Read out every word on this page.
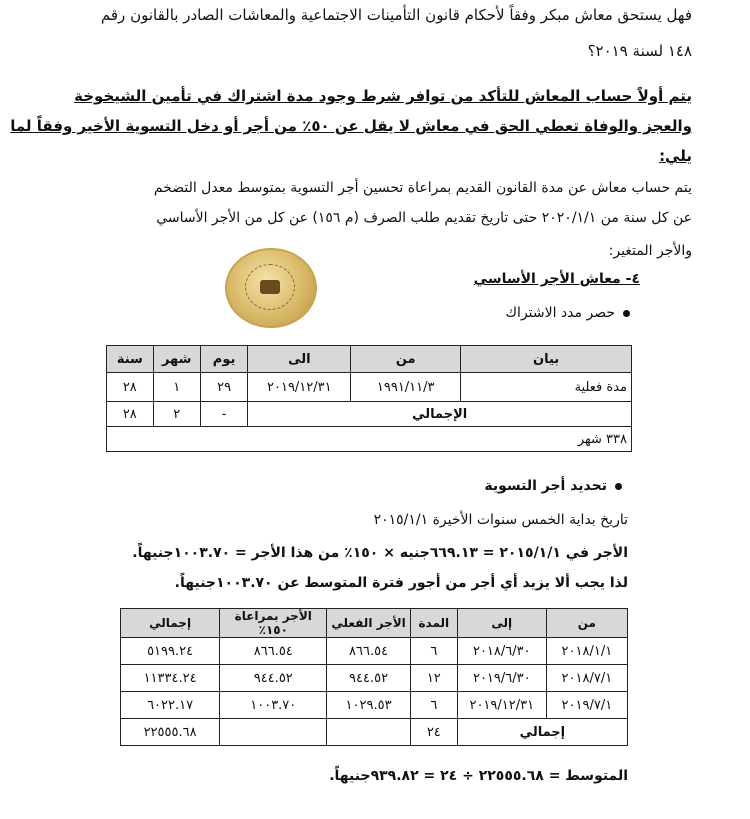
فهل يستحق معاش مبكر وفقاً لأحكام قانون التأمينات الاجتماعية والمعاشات الصادر بالقانون رقم
١٤٨ لسنة ٢٠١٩؟
يتم أولاً حساب المعاش للتأكد من توافر شرط وجود مدة اشتراك في تأمين الشيخوخة
والعجز والوفاة تعطي الحق في معاش لا يقل عن ٥٠٪ من أجر أو دخل التسوية الأخير وفقاً لما
يلي:
يتم حساب معاش عن مدة القانون القديم بمراعاة تحسين أجر التسوية بمتوسط معدل التضخم
عن كل سنة من ٢٠٢٠/١/١ حتى تاريخ تقديم طلب الصرف (م ١٥٦) عن كل من الأجر الأساسي
والأجر المتغير:
٤- معاش الأجر الأساسي
حصر مدد الاشتراك
بيان	من	الى	يوم	شهر	سنة
مدة فعلية	١٩٩١/١١/٣	٢٠١٩/١٢/٣١	٢٩	١	٢٨
الإجمالي			-	٢	٢٨
٣٣٨ شهر					
تحديد أجر التسوية
تاريخ بداية الخمس سنوات الأخيرة ٢٠١٥/١/١
الأجر في ٢٠١٥/١/١ = ٦٦٩.١٣جنيه × ١٥٠٪ من هذا الأجر = ١٠٠٣.٧٠جنيهاً.
لذا يجب ألا يزيد أي أجر من أجور فترة المتوسط عن ١٠٠٣.٧٠جنيهاً.
من	إلى	المدة	الأجر الفعلي	الأجر بمراعاة ١٥٠٪	إجمالي
٢٠١٨/١/١	٢٠١٨/٦/٣٠	٦	٨٦٦.٥٤	٨٦٦.٥٤	٥١٩٩.٢٤
٢٠١٨/٧/١	٢٠١٩/٦/٣٠	١٢	٩٤٤.٥٢	٩٤٤.٥٢	١١٣٣٤.٢٤
٢٠١٩/٧/١	٢٠١٩/١٢/٣١	٦	١٠٢٩.٥٣	١٠٠٣.٧٠	٦٠٢٢.١٧
إجمالي		٢٤			٢٢٥٥٥.٦٨
المتوسط = ٢٢٥٥٥.٦٨ ÷ ٢٤ = ٩٣٩.٨٢جنيهاً.
